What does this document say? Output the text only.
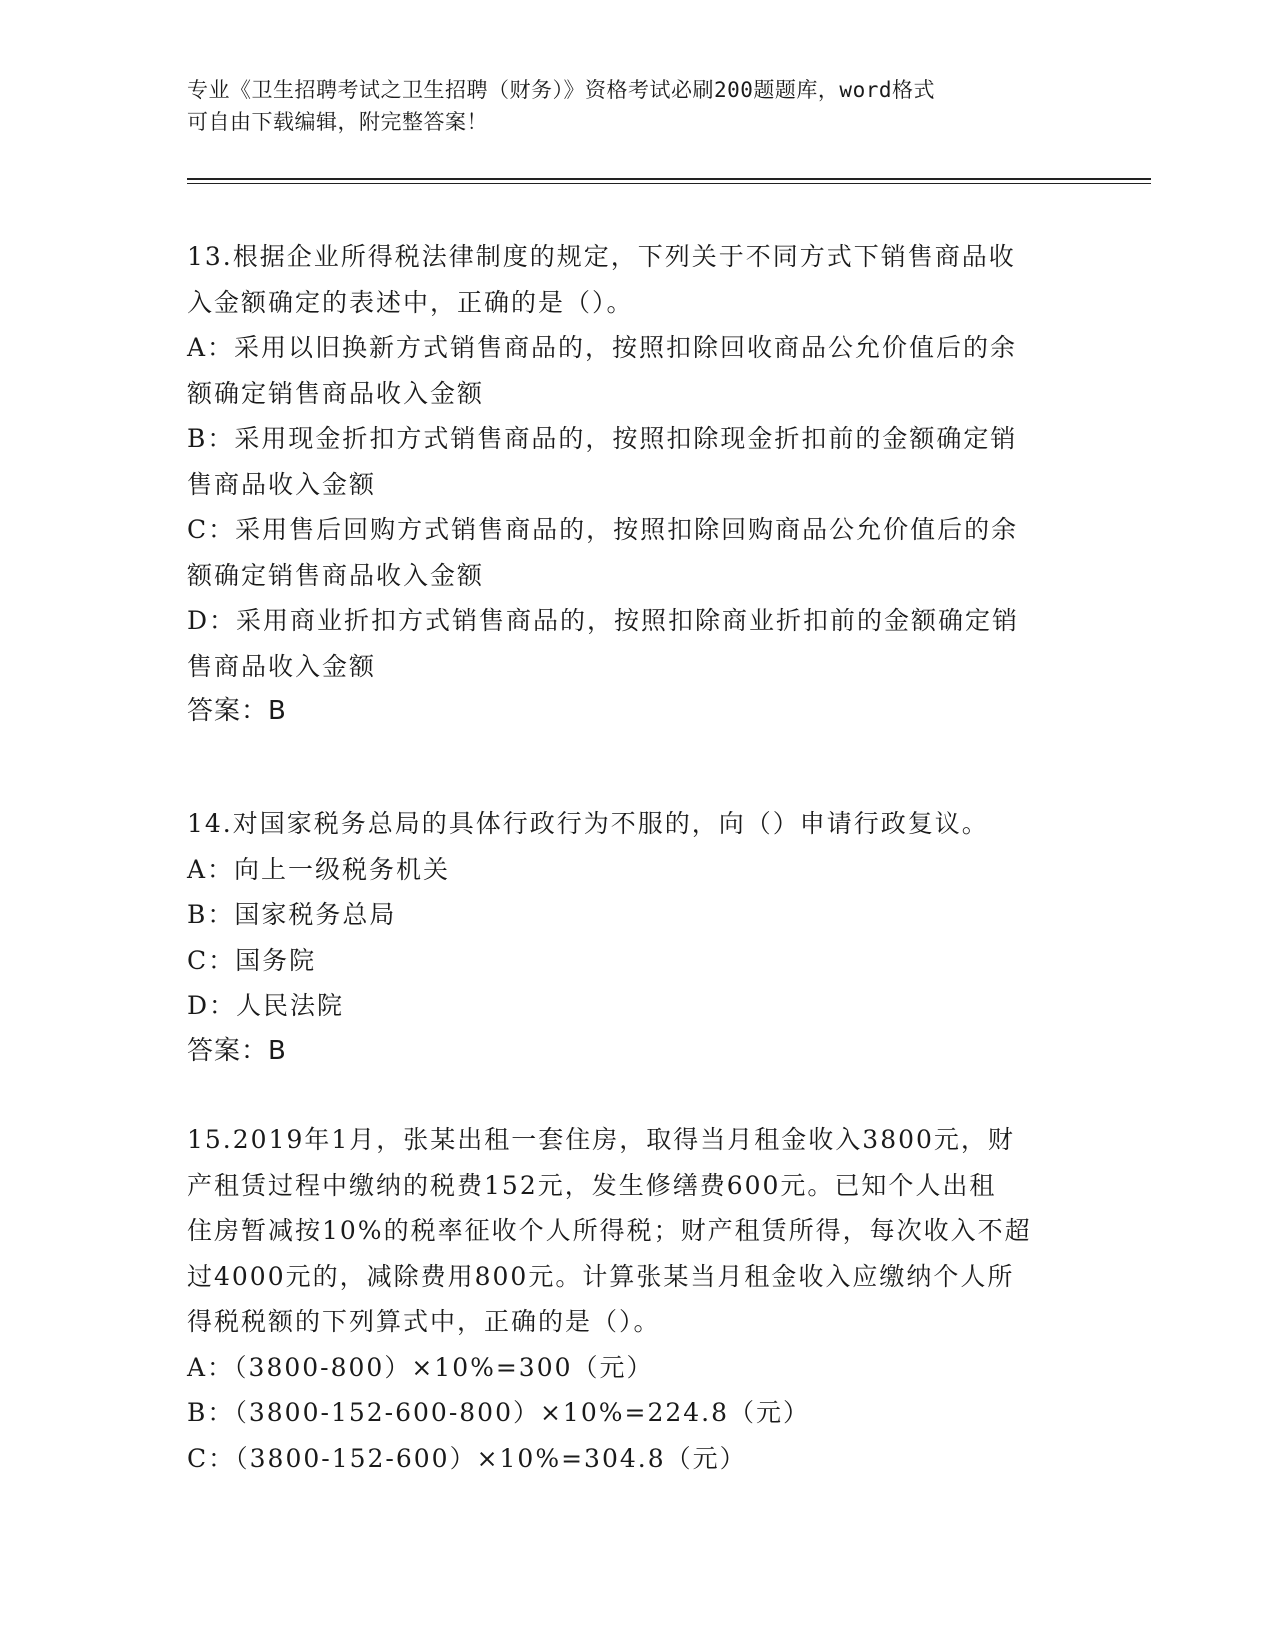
专业《卫生招聘考试之卫生招聘（财务）》资格考试必刷200题题库，word格式
可自由下载编辑，附完整答案！
13.根据企业所得税法律制度的规定，下列关于不同方式下销售商品收
入金额确定的表述中，正确的是（）。
A：采用以旧换新方式销售商品的，按照扣除回收商品公允价值后的余
额确定销售商品收入金额
B：采用现金折扣方式销售商品的，按照扣除现金折扣前的金额确定销
售商品收入金额
C：采用售后回购方式销售商品的，按照扣除回购商品公允价值后的余
额确定销售商品收入金额
D：采用商业折扣方式销售商品的，按照扣除商业折扣前的金额确定销
售商品收入金额
答案：B
14.对国家税务总局的具体行政行为不服的，向（）申请行政复议。
A：向上一级税务机关
B：国家税务总局
C：国务院
D：人民法院
答案：B
15.2019年1月，张某出租一套住房，取得当月租金收入3800元，财
产租赁过程中缴纳的税费152元，发生修缮费600元。已知个人出租
住房暂减按10%的税率征收个人所得税；财产租赁所得，每次收入不超
过4000元的，减除费用800元。计算张某当月租金收入应缴纳个人所
得税税额的下列算式中，正确的是（）。
A：（3800-800）×10%=300（元）
B：（3800-152-600-800）×10%=224.8（元）
C：（3800-152-600）×10%=304.8（元）
